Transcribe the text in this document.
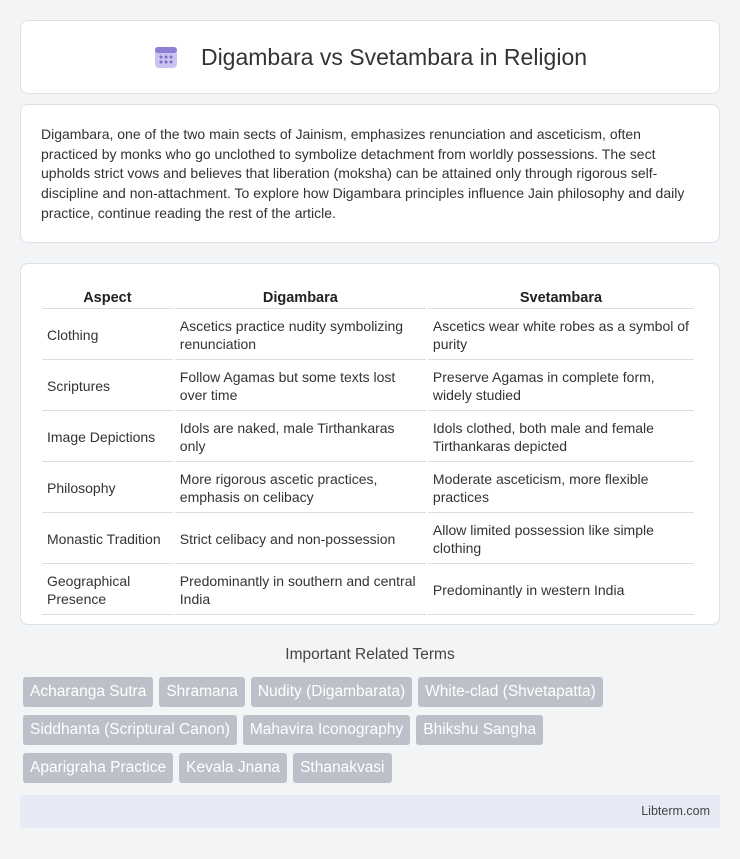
Digambara vs Svetambara in Religion

Digambara, one of the two main sects of Jainism, emphasizes renunciation and asceticism, often practiced by monks who go unclothed to symbolize detachment from worldly possessions. The sect upholds strict vows and believes that liberation (moksha) can be attained only through rigorous self-discipline and non-attachment. To explore how Digambara principles influence Jain philosophy and daily practice, continue reading the rest of the article.

Aspect	Digambara	Svetambara
Clothing	Ascetics practice nudity symbolizing renunciation	Ascetics wear white robes as a symbol of purity
Scriptures	Follow Agamas but some texts lost over time	Preserve Agamas in complete form, widely studied
Image Depictions	Idols are naked, male Tirthankaras only	Idols clothed, both male and female Tirthankaras depicted
Philosophy	More rigorous ascetic practices, emphasis on celibacy	Moderate asceticism, more flexible practices
Monastic Tradition	Strict celibacy and non-possession	Allow limited possession like simple clothing
Geographical Presence	Predominantly in southern and central India	Predominantly in western India
Important Related Terms
Acharanga Sutra	Shramana	Nudity (Digambarata)	White-clad (Shvetapatta)
Siddhanta (Scriptural Canon)	Mahavira Iconography	Bhikshu Sangha
Aparigraha Practice	Kevala Jnana	Sthanakvasi
Libterm.com
